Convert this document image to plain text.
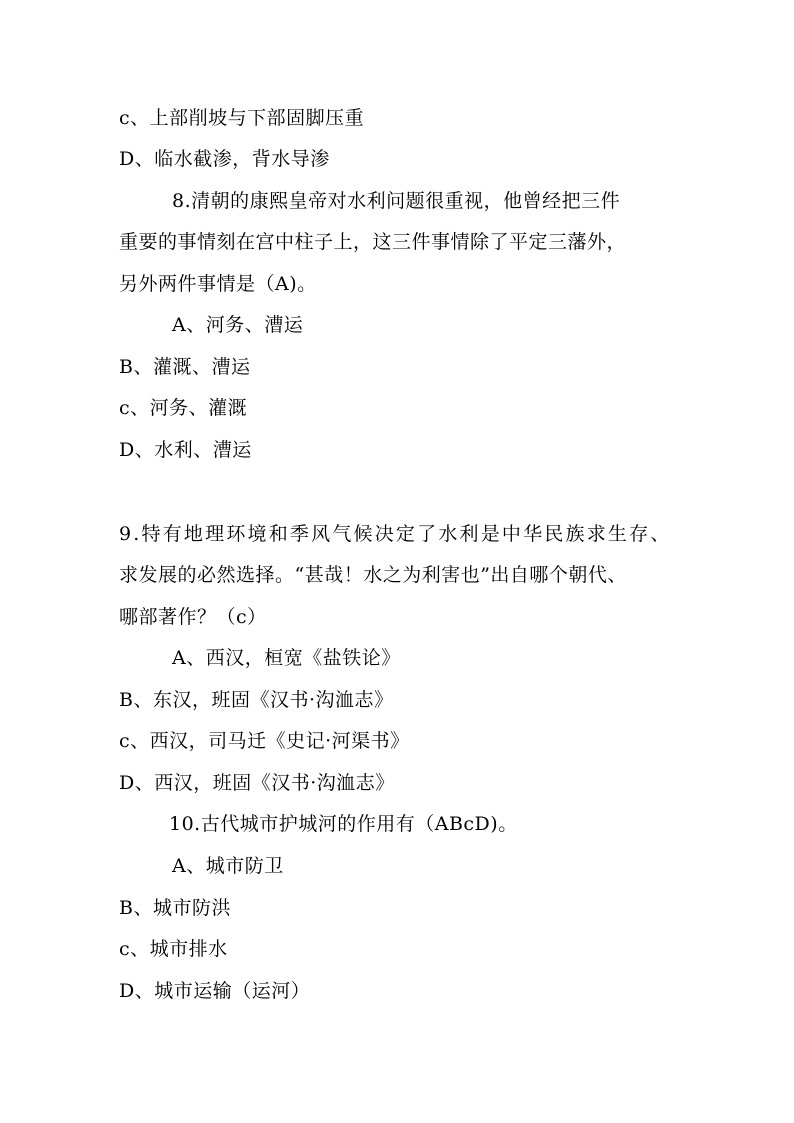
c、上部削坡与下部固脚压重
D、临水截渗，背水导渗
8.清朝的康熙皇帝对水利问题很重视，他曾经把三件
重要的事情刻在宫中柱子上，这三件事情除了平定三藩外，
另外两件事情是（A)。
A、河务、漕运
B、灌溉、漕运
c、河务、灌溉
D、水利、漕运
9.特有地理环境和季风气候决定了水利是中华民族求生存、
求发展的必然选择。“甚哉！水之为利害也”出自哪个朝代、
哪部著作？（c）
A、西汉，桓宽《盐铁论》
B、东汉，班固《汉书·沟洫志》
c、西汉，司马迁《史记·河渠书》
D、西汉，班固《汉书·沟洫志》
10.古代城市护城河的作用有（ABcD)。
A、城市防卫
B、城市防洪
c、城市排水
D、城市运输（运河）
